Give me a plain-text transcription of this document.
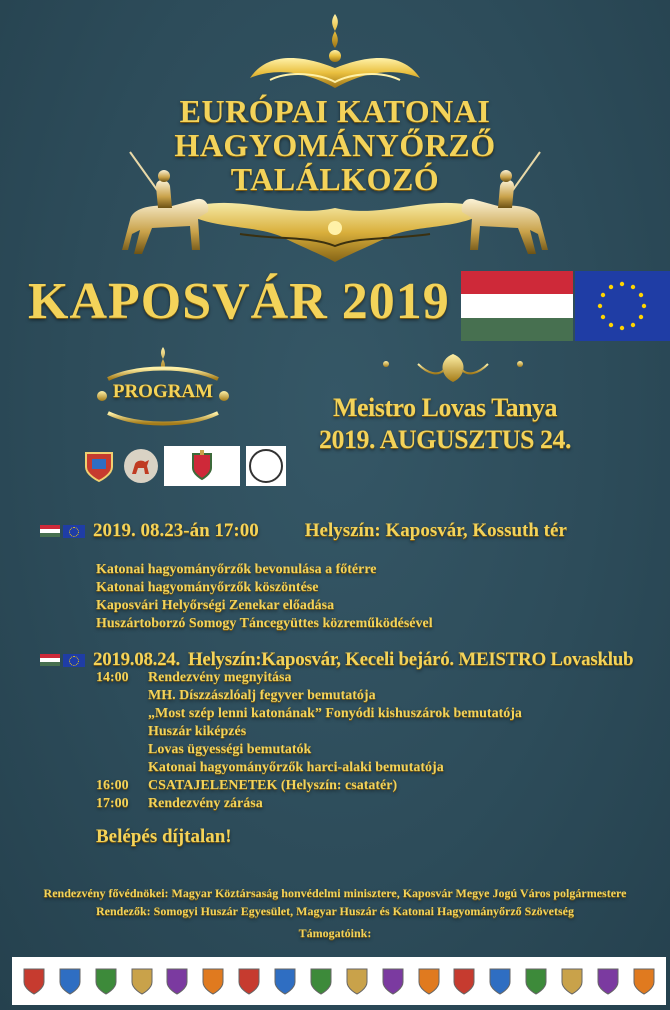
EURÓPAI KATONAI
HAGYOMÁNYŐRZŐ
TALÁLKOZÓ
KAPOSVÁR 2019
PROGRAM
Meistro Lovas Tanya
2019. AUGUSZTUS 24.
2019. 08.23-án 17:00 Helyszín: Kaposvár, Kossuth tér
Katonai hagyományőrzők bevonulása a főtérre
Katonai hagyományőrzők köszöntése
Kaposvári Helyőrségi Zenekar előadása
Huszártoborzó Somogy Táncegyüttes közreműködésével
2019.08.24. Helyszín:Kaposvár, Keceli bejáró. MEISTRO Lovasklub
14:00	Rendezvény megnyitása
MH. Díszzászlóalj fegyver bemutatója
„Most szép lenni katonának” Fonyódi kishuszárok bemutatója
Huszár kiképzés
Lovas ügyességi bemutatók
Katonai hagyományőrzők harci-alaki bemutatója
16:00	CSATAJELENETEK (Helyszín: csatatér)
17:00	Rendezvény zárása
Belépés díjtalan!
Rendezvény fővédnökei: Magyar Köztársaság honvédelmi minisztere, Kaposvár Megye Jogú Város polgármestere
Rendezők: Somogyi Huszár Egyesület, Magyar Huszár és Katonai Hagyományőrző Szövetség
Támogatóink:
